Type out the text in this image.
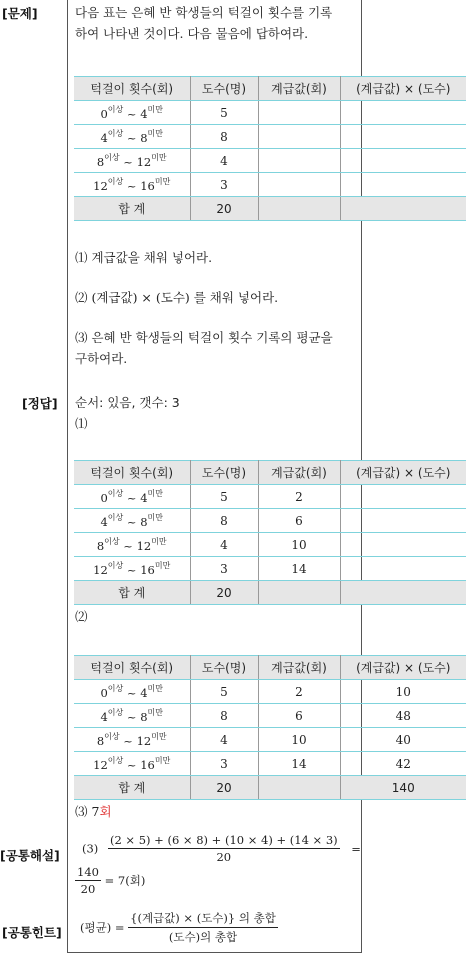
[문제]	다음 표는 은혜 반 학생들의 턱걸이 횟수를 기록
하여 나타낸 것이다. 다음 물음에 답하여라.
턱걸이 횟수(회)	도수(명)	계급값(회)	(계급값) × (도수)
$0^{이상}$ ~ $4^{미만}$	5		
$4^{이상}$ ~ $8^{미만}$	8		
$8^{이상}$ ~ $12^{미만}$	4		
$12^{이상}$ ~ $16^{미만}$	3		
합 계	20		
⑴ 계급값을 채워 넣어라.
⑵ (계급값) × (도수) 를 채워 넣어라.
⑶ 은혜 반 학생들의 턱걸이 횟수 기록의 평균을
구하여라.
[정답] 순서: 있음, 갯수: 3
⑴
턱걸이 횟수(회)	도수(명)	계급값(회)	(계급값) × (도수)
$0^{이상}$ ~ $4^{미만}$	5	2	
$4^{이상}$ ~ $8^{미만}$	8	6	
$8^{이상}$ ~ $12^{미만}$	4	10	
$12^{이상}$ ~ $16^{미만}$	3	14	
합 계	20		
⑵
턱걸이 횟수(회)	도수(명)	계급값(회)	(계급값) × (도수)
$0^{이상}$ ~ $4^{미만}$	5	2	10
$4^{이상}$ ~ $8^{미만}$	8	6	48
$8^{이상}$ ~ $12^{미만}$	4	10	40
$12^{이상}$ ~ $16^{미만}$	3	14	42
합 계	20		140
⑶ 7회
[공통해설] $(3) \frac{(2 \times 5) + (6 \times 8) + (10 \times 4) + (14 \times 3)}{20}$ =
$\frac{140}{20} = 7$(회)
[공통힌트] (평균) = $\frac{\text{\{(계급값) × (도수)\} 의 총합}}{\text{(도수)의 총합}}$
